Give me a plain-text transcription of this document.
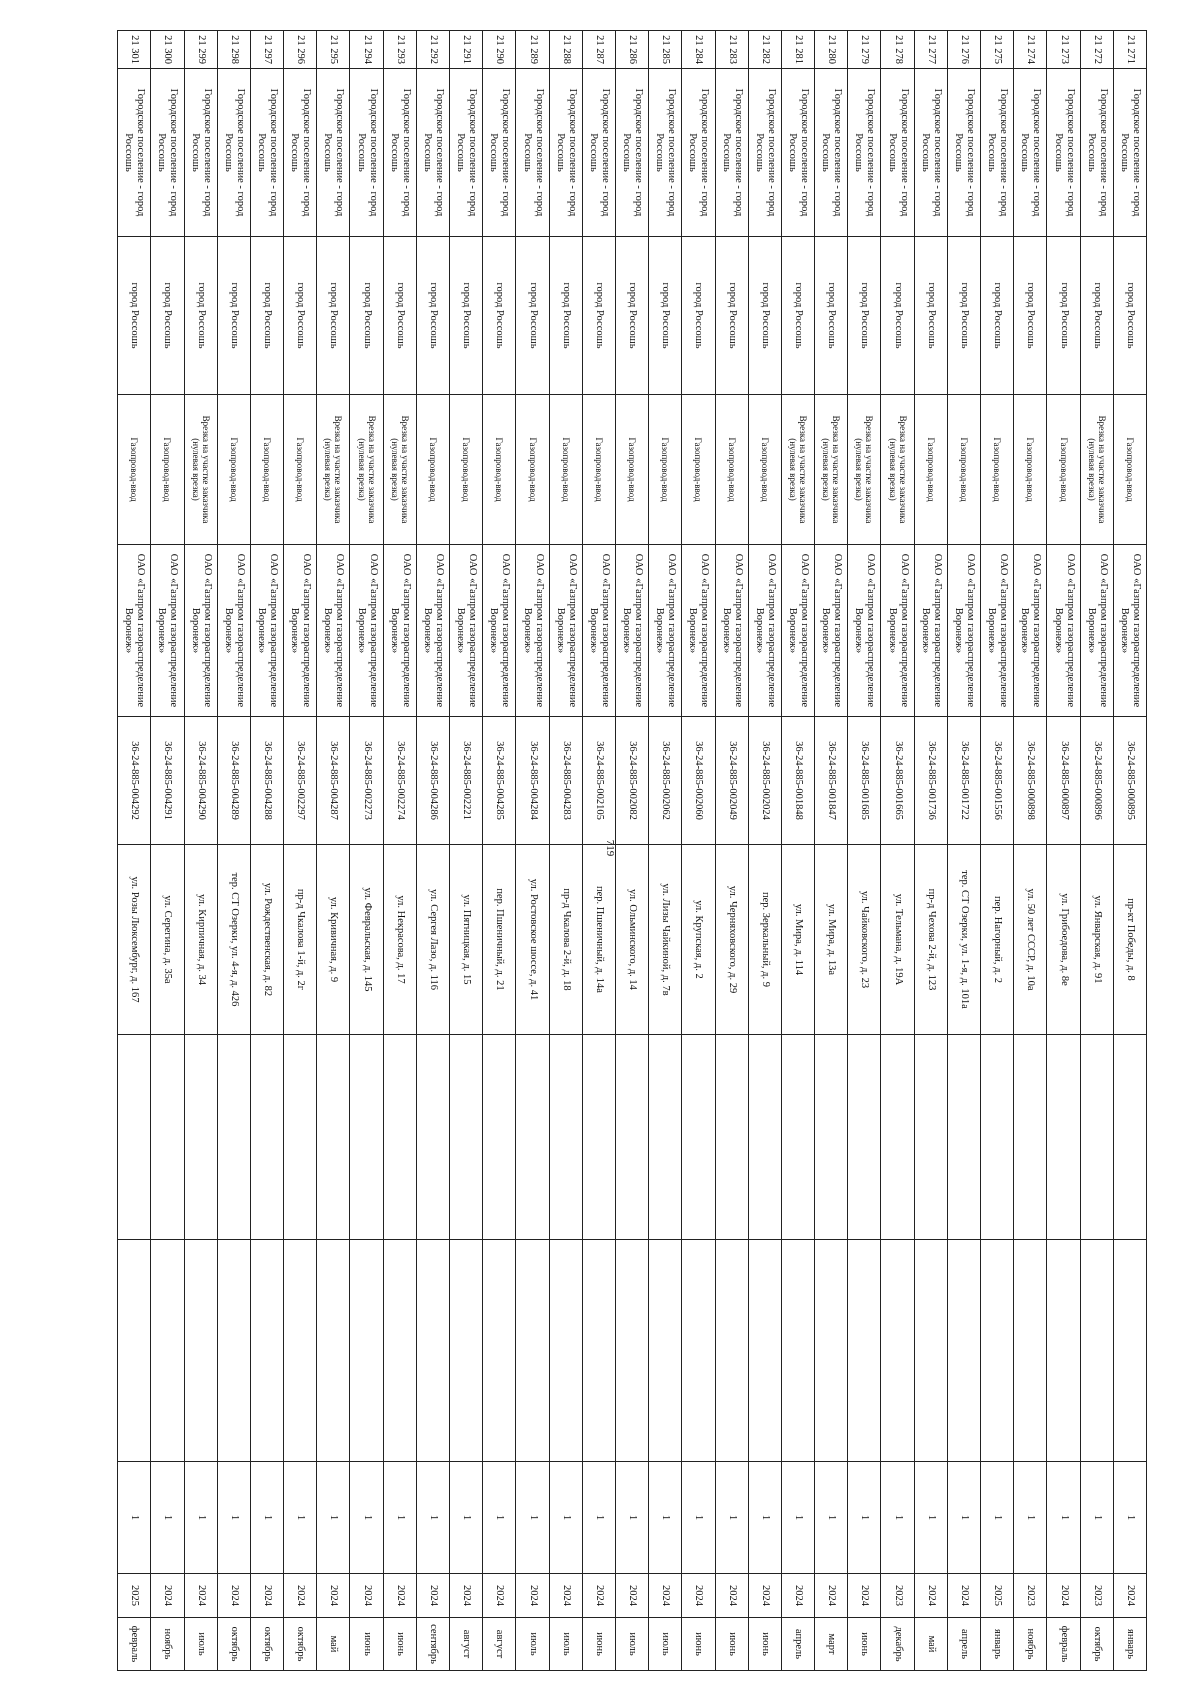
719
21 271	Городское поселение - город Россошь	город Россошь	Газопровод-ввод	ОАО «Газпром газораспределение Воронеж»	36-24-885-000895	пр-кт Победы, д. 8			1	2024	январь
21 272	Городское поселение - город Россошь	город Россошь	Врезка на участке заказчика (нулевая врезка)	ОАО «Газпром газораспределение Воронеж»	36-24-885-000896	ул. Январская, д. 91			1	2023	октябрь
21 273	Городское поселение - город Россошь	город Россошь	Газопровод-ввод	ОАО «Газпром газораспределение Воронеж»	36-24-885-000897	ул. Грибоедова, д. 8е			1	2024	февраль
21 274	Городское поселение - город Россошь	город Россошь	Газопровод-ввод	ОАО «Газпром газораспределение Воронеж»	36-24-885-000898	ул. 50 лет СССР, д. 10а			1	2023	ноябрь
21 275	Городское поселение - город Россошь	город Россошь	Газопровод-ввод	ОАО «Газпром газораспределение Воронеж»	36-24-885-001556	пер. Нагорный, д. 2			1	2025	январь
21 276	Городское поселение - город Россошь	город Россошь	Газопровод-ввод	ОАО «Газпром газораспределение Воронеж»	36-24-885-001722	тер. СТ Озерки, ул. 1-я, д. 101а			1	2024	апрель
21 277	Городское поселение - город Россошь	город Россошь	Газопровод-ввод	ОАО «Газпром газораспределение Воронеж»	36-24-885-001736	пр-д Чехова 2-й, д. 123			1	2024	май
21 278	Городское поселение - город Россошь	город Россошь	Врезка на участке заказчика (нулевая врезка)	ОАО «Газпром газораспределение Воронеж»	36-24-885-001665	ул. Тельмана, д. 19А			1	2023	декабрь
21 279	Городское поселение - город Россошь	город Россошь	Врезка на участке заказчика (нулевая врезка)	ОАО «Газпром газораспределение Воронеж»	36-24-885-001685	ул. Чайковского, д. 23			1	2024	июнь
21 280	Городское поселение - город Россошь	город Россошь	Врезка на участке заказчика (нулевая врезка)	ОАО «Газпром газораспределение Воронеж»	36-24-885-001847	ул. Мира, д. 13а			1	2024	март
21 281	Городское поселение - город Россошь	город Россошь	Врезка на участке заказчика (нулевая врезка)	ОАО «Газпром газораспределение Воронеж»	36-24-885-001848	ул. Мира, д. 114			1	2024	апрель
21 282	Городское поселение - город Россошь	город Россошь	Газопровод-ввод	ОАО «Газпром газораспределение Воронеж»	36-24-885-002024	пер. Зеркальный, д. 9			1	2024	июнь
21 283	Городское поселение - город Россошь	город Россошь	Газопровод-ввод	ОАО «Газпром газораспределение Воронеж»	36-24-885-002049	ул. Черняховского, д. 29			1	2024	июнь
21 284	Городское поселение - город Россошь	город Россошь	Газопровод-ввод	ОАО «Газпром газораспределение Воронеж»	36-24-885-002060	ул. Крупская, д. 2			1	2024	июнь
21 285	Городское поселение - город Россошь	город Россошь	Газопровод-ввод	ОАО «Газпром газораспределение Воронеж»	36-24-885-002062	ул. Лизы Чайкиной, д. 7в			1	2024	июль
21 286	Городское поселение - город Россошь	город Россошь	Газопровод-ввод	ОАО «Газпром газораспределение Воронеж»	36-24-885-002082	ул. Ольминского, д. 14			1	2024	июль
21 287	Городское поселение - город Россошь	город Россошь	Газопровод-ввод	ОАО «Газпром газораспределение Воронеж»	36-24-885-002105	пер. Пшеничный, д. 14а			1	2024	июнь
21 288	Городское поселение - город Россошь	город Россошь	Газопровод-ввод	ОАО «Газпром газораспределение Воронеж»	36-24-885-004283	пр-д Чкалова 2-й, д. 18			1	2024	июль
21 289	Городское поселение - город Россошь	город Россошь	Газопровод-ввод	ОАО «Газпром газораспределение Воронеж»	36-24-885-004284	ул. Ростовское шоссе, д. 41			1	2024	июль
21 290	Городское поселение - город Россошь	город Россошь	Газопровод-ввод	ОАО «Газпром газораспределение Воронеж»	36-24-885-004285	пер. Пшеничный, д. 21			1	2024	август
21 291	Городское поселение - город Россошь	город Россошь	Газопровод-ввод	ОАО «Газпром газораспределение Воронеж»	36-24-885-002221	ул. Пятницкая, д. 15			1	2024	август
21 292	Городское поселение - город Россошь	город Россошь	Газопровод-ввод	ОАО «Газпром газораспределение Воронеж»	36-24-885-004286	ул. Сергея Лазо, д. 116			1	2024	сентябрь
21 293	Городское поселение - город Россошь	город Россошь	Врезка на участке заказчика (нулевая врезка)	ОАО «Газпром газораспределение Воронеж»	36-24-885-002274	ул. Некрасова, д. 17			1	2024	июнь
21 294	Городское поселение - город Россошь	город Россошь	Врезка на участке заказчика (нулевая врезка)	ОАО «Газпром газораспределение Воронеж»	36-24-885-002273	ул. Февральская, д. 145			1	2024	июнь
21 295	Городское поселение - город Россошь	город Россошь	Врезка на участке заказчика (нулевая врезка)	ОАО «Газпром газораспределение Воронеж»	36-24-885-004287	ул. Кривичная, д. 9			1	2024	май
21 296	Городское поселение - город Россошь	город Россошь	Газопровод-ввод	ОАО «Газпром газораспределение Воронеж»	36-24-885-002297	пр-д Чкалова 1-й, д. 2г			1	2024	октябрь
21 297	Городское поселение - город Россошь	город Россошь	Газопровод-ввод	ОАО «Газпром газораспределение Воронеж»	36-24-885-004288	ул. Рождественская, д. 82			1	2024	октябрь
21 298	Городское поселение - город Россошь	город Россошь	Газопровод-ввод	ОАО «Газпром газораспределение Воронеж»	36-24-885-004289	тер. СТ Озерки, ул. 4-я, д. 426			1	2024	октябрь
21 299	Городское поселение - город Россошь	город Россошь	Врезка на участке заказчика (нулевая врезка)	ОАО «Газпром газораспределение Воронеж»	36-24-885-004290	ул. Кирпичная, д. 34			1	2024	июль
21 300	Городское поселение - город Россошь	город Россошь	Газопровод-ввод	ОАО «Газпром газораспределение Воронеж»	36-24-885-004291	ул. Серегина, д. 35а			1	2024	ноябрь
21 301	Городское поселение - город Россошь	город Россошь	Газопровод-ввод	ОАО «Газпром газораспределение Воронеж»	36-24-885-004292	ул. Розы Люксембург, д. 167			1	2025	февраль
